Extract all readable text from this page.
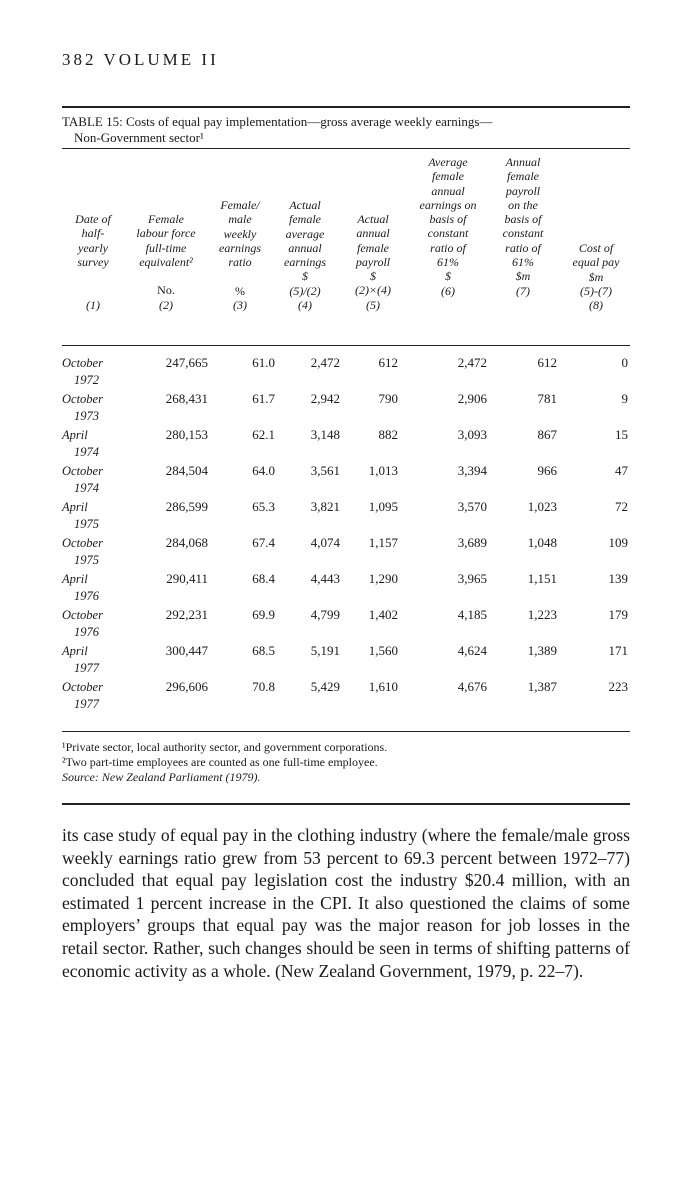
382 VOLUME II
TABLE 15: Costs of equal pay implementation—gross average weekly earnings—
Non-Government sector¹
Date of
half-
yearly
survey
(1)
Female
labour force
full-time
equivalent²
No.
(2)
Female/
male
weekly
earnings
ratio
%
(3)
Actual
female
average
annual
earnings
$
(5)/(2)
(4)
Actual
annual
female
payroll
$
(2)×(4)
(5)
Average
female
annual
earnings on
basis of
constant
ratio of
61%
$
(6)
Annual
female
payroll
on the
basis of
constant
ratio of
61%
$m
(7)
Cost of
equal pay
$m
(5)-(7)
(8)
October
1972
247,665	61.0	2,472	612	2,472	612	0
October
1973
268,431	61.7	2,942	790	2,906	781	9
April
1974
280,153	62.1	3,148	882	3,093	867	15
October
1974
284,504	64.0	3,561 1,013	3,394	966	47
April
1975
286,599	65.3	3,821 1,095	3,570	1,023	72
October
1975
284,068	67.4	4,074 1,157	3,689	1,048	109
April
1976
290,411	68.4	4,443 1,290	3,965	1,151	139
October
1976
292,231	69.9	4,799 1,402	4,185	1,223	179
April
1977
300,447	68.5	5,191 1,560	4,624	1,389	171
October
1977
296,606	70.8	5,429 1,610	4,676	1,387	223
¹Private sector, local authority sector, and government corporations.
²Two part-time employees are counted as one full-time employee.
Source: New Zealand Parliament (1979).
its case study of equal pay in the clothing industry (where the female/male gross weekly earnings ratio grew from 53 percent to 69.3 percent between 1972–77) concluded that equal pay legislation cost the industry $20.4 million, with an estimated 1 percent increase in the CPI. It also questioned the claims of some employers’ groups that equal pay was the major reason for job losses in the retail sector. Rather, such changes should be seen in terms of shifting patterns of economic activity as a whole. (New Zealand Government, 1979, p. 22–7).
